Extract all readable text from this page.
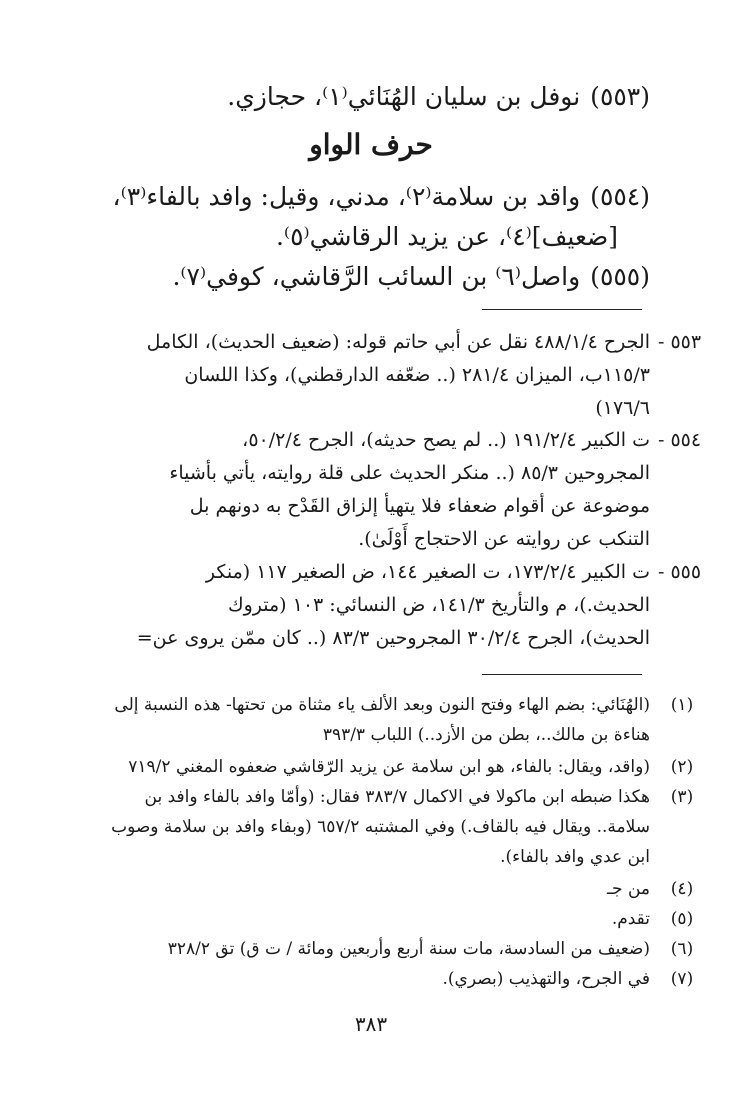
(٥٥٣)نوفل بن سليان الهُنَائي⁽١⁾، حجازي.
حرف الواو
(٥٥٤)واقد بن سلامة⁽٢⁾، مدني، وقيل: وافد بالفاء⁽٣⁾،
[ضعيف]⁽٤⁾، عن يزيد الرقاشي⁽٥⁾.
(٥٥٥)واصل⁽٦⁾ بن السائب الرَّقاشي، كوفي⁽٧⁾.
٥٥٣ -
الجرح ٤٨٨/١/٤ نقل عن أبي حاتم قوله: (ضعيف الحديث)، الكامل
١١٥/٣ب، الميزان ٢٨١/٤ (.. ضعّفه الدارقطني)، وكذا اللسان
١٧٦/٦)
٥٥٤ -
ت الكبير ١٩١/٢/٤ (.. لم يصح حديثه)، الجرح ٥٠/٢/٤،
المجروحين ٨٥/٣ (.. منكر الحديث على قلة روايته، يأتي بأشياء
موضوعة عن أقوام ضعفاء فلا يتهيأ إلزاق القَدْح به دونهم بل
التنكب عن روايته عن الاحتجاج أَوْلَىٰ).
٥٥٥ -
ت الكبير ١٧٣/٢/٤، ت الصغير ١٤٤، ض الصغير ١١٧ (منكر
الحديث.)، م والتأريخ ١٤١/٣، ض النسائي: ١٠٣ (متروك
الحديث)، الجرح ٣٠/٢/٤ المجروحين ٨٣/٣ (.. كان ممّن يروى عن=
(١)
(الهُنَائي: بضم الهاء وفتح النون وبعد الألف ياء مثناة من تحتها- هذه النسبة إلى
هناءة بن مالك..، بطن من الأزد..) اللباب ٣٩٣/٣
(٢)
(واقد، ويقال: بالفاء، هو ابن سلامة عن يزيد الرّقاشي ضعفوه المغني ٧١٩/٢
(٣)
هكذا ضبطه ابن ماكولا في الاكمال ٣٨٣/٧ فقال: (وأمّا وافد بالفاء وافد بن
سلامة.. ويقال فيه بالقاف.) وفي المشتبه ٦٥٧/٢ (وبفاء وافد بن سلامة وصوب
ابن عدي وافد بالفاء).
(٤)
من جـ
(٥)
تقدم.
(٦)
(ضعيف من السادسة، مات سنة أربع وأربعين ومائة / ت ق) تق ٣٢٨/٢
(٧)
في الجرح، والتهذيب (بصري).
٣٨٣
